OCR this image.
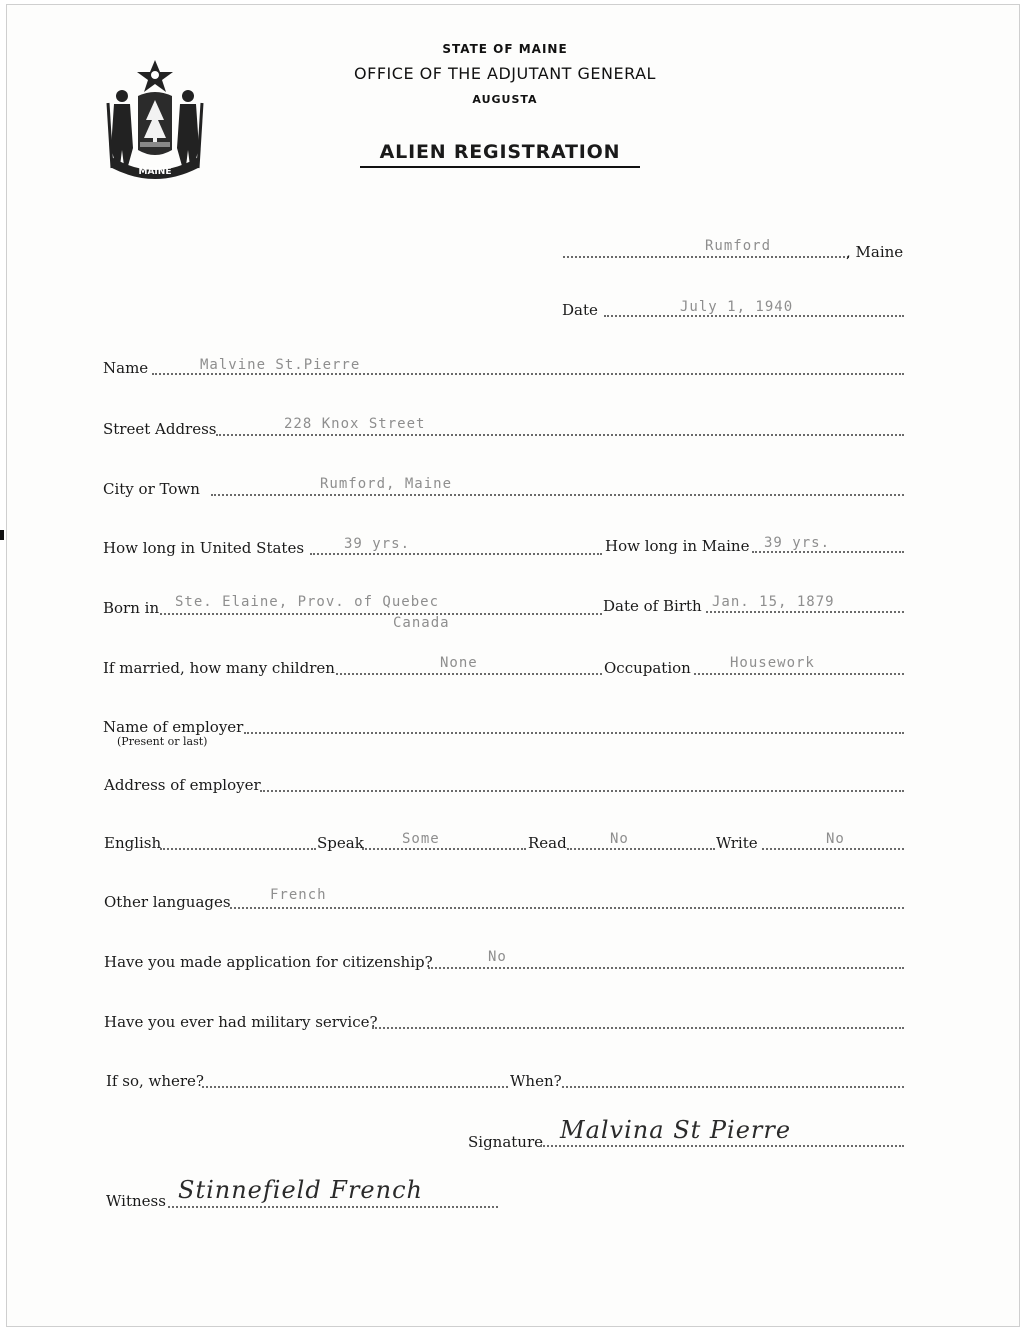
MAINE
STATE OF MAINE
OFFICE OF THE ADJUTANT GENERAL
AUGUSTA
ALIEN REGISTRATION
Rumford	, Maine
Date	July 1, 1940
Name	Malvine St.Pierre
Street Address	228 Knox Street
City or Town	Rumford, Maine
How long in United States	39 yrs.	How long in Maine 39 yrs.
Born in Ste. Elaine, Prov. of Quebec
Canada
Date of Birth Jan. 15, 1879
If married, how many children	None	Occupation	Housework
Name of employer
(Present or last)
Address of employer
English	Speak	Some	Read	No	Write	No
Other languages	French
Have you made application for citizenship?	No
Have you ever had military service?
If so, where?	When?
Signature Malvina St Pierre
Witness Stinnefield French
